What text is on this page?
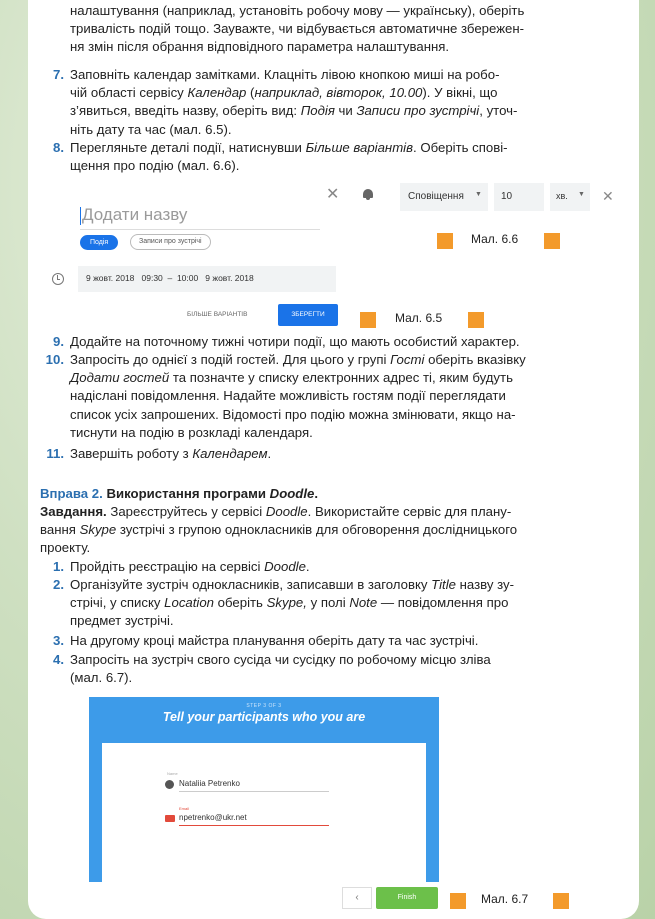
налаштування (наприклад, установіть робочу мову — українську), оберіть
тривалість подій тощо. Зауважте, чи відбувається автоматичне збережен-
ня змін після обрання відповідного параметра налаштування.
7. Заповніть календар замітками. Клацніть лівою кнопкою миші на робо-
чій області сервісу Календар (наприклад, вівторок, 10.00). У вікні, що
з’явиться, введіть назву, оберіть вид: Подія чи Записи про зустрічі, уточ-
ніть дату та час (мал. 6.5).
8. Перегляньте деталі події, натиснувши Більше варіантів. Оберіть спові-
щення про подію (мал. 6.6).
Додати назву
✕
Подія	Записи про зустрічі
9 жовт. 2018   09:30  –  10:00   9 жовт. 2018
БІЛЬШЕ ВАРІАНТІВ	ЗБЕРЕГТИ	Мал. 6.5
Сповіщення ▼ 10	хв. ▼ ✕
Мал. 6.6
9. Додайте на поточному тижні чотири події, що мають особистий характер.
10. Запросіть до однієї з подій гостей. Для цього у групі Гості оберіть вказівку
Додати гостей та позначте у списку електронних адрес ті, яким будуть
надіслані повідомлення. Надайте можливість гостям події переглядати
список усіх запрошених. Відомості про подію можна змінювати, якщо на-
тиснути на подію в розкладі календаря.
11. Завершіть роботу з Календарем.
Вправа 2. Використання програми Doodle.
Завдання. Зареєструйтесь у сервісі Doodle. Використайте сервіс для плану-
вання Skype зустрічі з групою однокласників для обговорення дослідницького
проекту.
1. Пройдіть реєстрацію на сервісі Doodle.
2. Організуйте зустріч однокласників, записавши в заголовку Title назву зу-
стрічі, у списку Location оберіть Skype, у полі Note — повідомлення про
предмет зустрічі.
3. На другому кроці майстра планування оберіть дату та час зустрічі.
4. Запросіть на зустріч свого сусіда чи сусідку по робочому місцю зліва
(мал. 6.7).
STEP 3 OF 3
Tell your participants who you are
Name
Nataliia Petrenko
Email
npetrenko@ukr.net
‹	Finish	Мал. 6.7
